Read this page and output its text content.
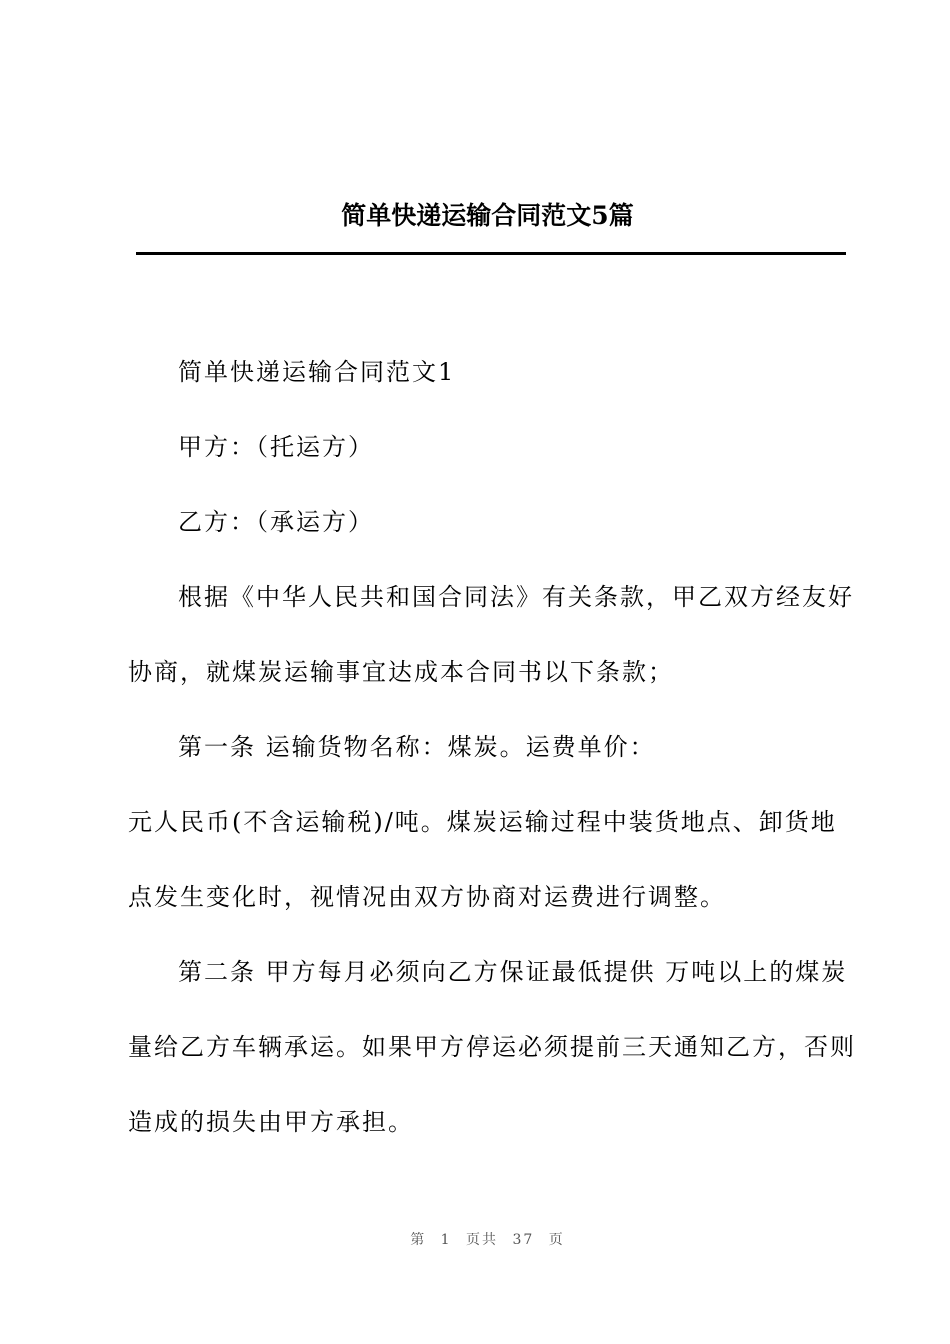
简单快递运输合同范文5篇

简单快递运输合同范文1

甲方：（托运方）

乙方：（承运方）

根据《中华人民共和国合同法》有关条款，甲乙双方经友好

协商，就煤炭运输事宜达成本合同书以下条款；

第一条 运输货物名称：煤炭。运费单价：

元人民币(不含运输税)/吨。煤炭运输过程中装货地点、卸货地

点发生变化时，视情况由双方协商对运费进行调整。

第二条 甲方每月必须向乙方保证最低提供 万吨以上的煤炭

量给乙方车辆承运。如果甲方停运必须提前三天通知乙方，否则

造成的损失由甲方承担。

第 1 页共 37 页
